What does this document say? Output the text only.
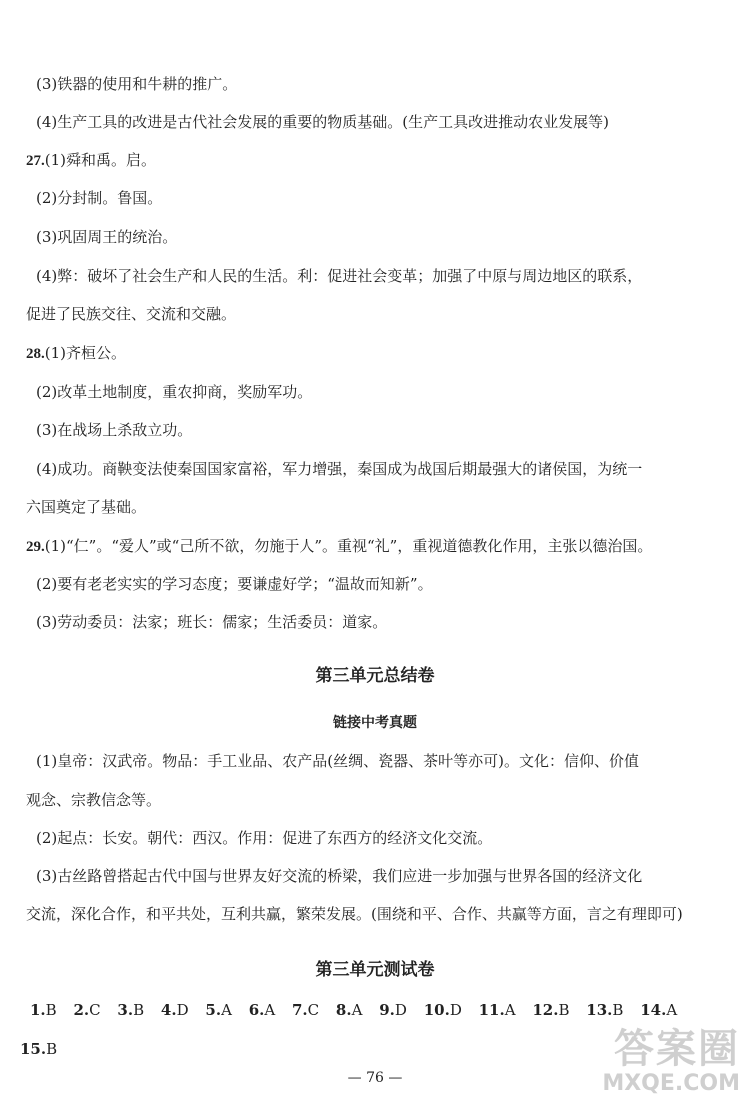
(3)铁器的使用和牛耕的推广。
(4)生产工具的改进是古代社会发展的重要的物质基础。(生产工具改进推动农业发展等)
27.(1)舜和禹。启。
(2)分封制。鲁国。
(3)巩固周王的统治。
(4)弊：破坏了社会生产和人民的生活。利：促进社会变革；加强了中原与周边地区的联系，
促进了民族交往、交流和交融。
28.(1)齐桓公。
(2)改革土地制度，重农抑商，奖励军功。
(3)在战场上杀敌立功。
(4)成功。商鞅变法使秦国国家富裕，军力增强，秦国成为战国后期最强大的诸侯国，为统一
六国奠定了基础。
29.(1)“仁”。“爱人”或“己所不欲，勿施于人”。重视“礼”，重视道德教化作用，主张以德治国。
(2)要有老老实实的学习态度；要谦虚好学；“温故而知新”。
(3)劳动委员：法家；班长：儒家；生活委员：道家。
第三单元总结卷
链接中考真题
(1)皇帝：汉武帝。物品：手工业品、农产品(丝绸、瓷器、茶叶等亦可)。文化：信仰、价值
观念、宗教信念等。
(2)起点：长安。朝代：西汉。作用：促进了东西方的经济文化交流。
(3)古丝路曾搭起古代中国与世界友好交流的桥梁，我们应进一步加强与世界各国的经济文化
交流，深化合作，和平共处，互利共赢，繁荣发展。(围绕和平、合作、共赢等方面，言之有理即可)
第三单元测试卷
1.B 2.C 3.B 4.D 5.A 6.A 7.C 8.A 9.D 10.D 11.A 12.B 13.B 14.A
15.B
— 76 —
答案圈
MXQE.COM
